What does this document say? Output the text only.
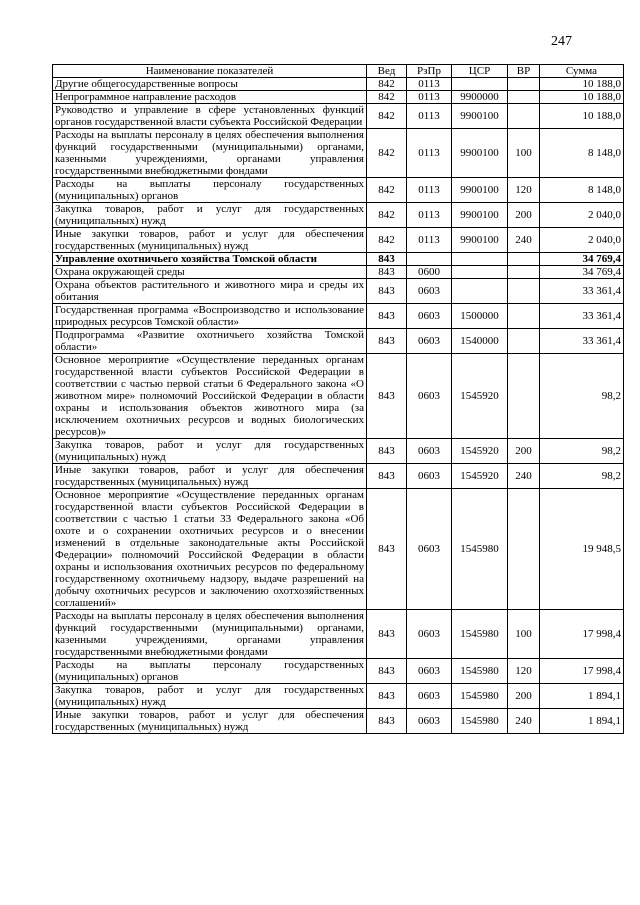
247
Наименование показателей	Вед	РзПр	ЦСР	ВР	Сумма
Другие общегосударственные вопросы	842	0113			10 188,0
Непрограммное направление расходов	842	0113	9900000		10 188,0
Руководство и управление в сфере установленных функций органов государственной власти субъекта Российской Федерации	842	0113	9900100		10 188,0
Расходы на выплаты персоналу в целях обеспечения выполнения функций государственными (муниципальными) органами, казенными учреждениями, органами управления государственными внебюджетными фондами	842	0113	9900100	100	8 148,0
Расходы на выплаты персоналу государственных (муниципальных) органов	842	0113	9900100	120	8 148,0
Закупка товаров, работ и услуг для государственных (муниципальных) нужд	842	0113	9900100	200	2 040,0
Иные закупки товаров, работ и услуг для обеспечения государственных (муниципальных) нужд	842	0113	9900100	240	2 040,0
Управление охотничьего хозяйства Томской области	843				34 769,4
Охрана окружающей среды	843	0600			34 769,4
Охрана объектов растительного и животного мира и среды их обитания	843	0603			33 361,4
Государственная программа «Воспроизводство и использование природных ресурсов Томской области»	843	0603	1500000		33 361,4
Подпрограмма «Развитие охотничьего хозяйства Томской области»	843	0603	1540000		33 361,4
Основное мероприятие «Осуществление переданных органам государственной власти субъектов Российской Федерации в соответствии с частью первой статьи 6 Федерального закона «О животном мире» полномочий Российской Федерации в области охраны и использования объектов животного мира (за исключением охотничьих ресурсов и водных биологических ресурсов)»	843	0603	1545920		98,2
Закупка товаров, работ и услуг для государственных (муниципальных) нужд	843	0603	1545920	200	98,2
Иные закупки товаров, работ и услуг для обеспечения государственных (муниципальных) нужд	843	0603	1545920	240	98,2
Основное мероприятие «Осуществление переданных органам государственной власти субъектов Российской Федерации в соответствии с частью 1 статьи 33 Федерального закона «Об охоте и о сохранении охотничьих ресурсов и о внесении изменений в отдельные законодательные акты Российской Федерации» полномочий Российской Федерации в области охраны и использования охотничьих ресурсов по федеральному государственному охотничьему надзору, выдаче разрешений на добычу охотничьих ресурсов и заключению охотхозяйственных соглашений»	843	0603	1545980		19 948,5
Расходы на выплаты персоналу в целях обеспечения выполнения функций государственными (муниципальными) органами, казенными учреждениями, органами управления государственными внебюджетными фондами	843	0603	1545980	100	17 998,4
Расходы на выплаты персоналу государственных (муниципальных) органов	843	0603	1545980	120	17 998,4
Закупка товаров, работ и услуг для государственных (муниципальных) нужд	843	0603	1545980	200	1 894,1
Иные закупки товаров, работ и услуг для обеспечения государственных (муниципальных) нужд	843	0603	1545980	240	1 894,1
